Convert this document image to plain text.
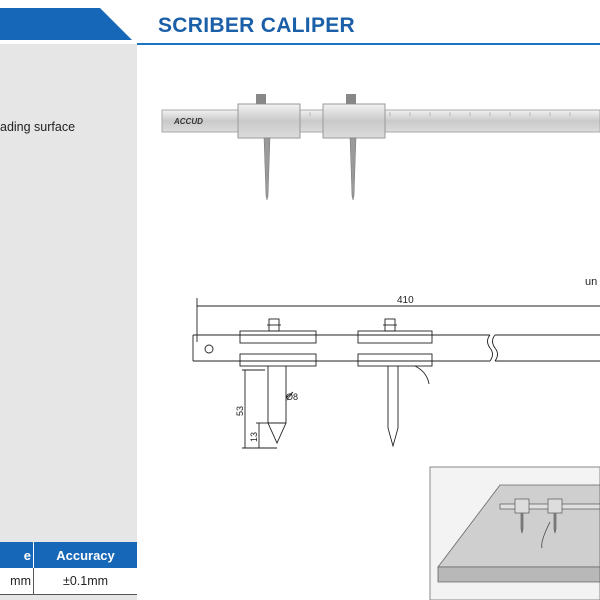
SCRIBER CALIPER
ading surface	ACCUD
un
410
Ø8
53
13
e	Accuracy
mm	±0.1mm
